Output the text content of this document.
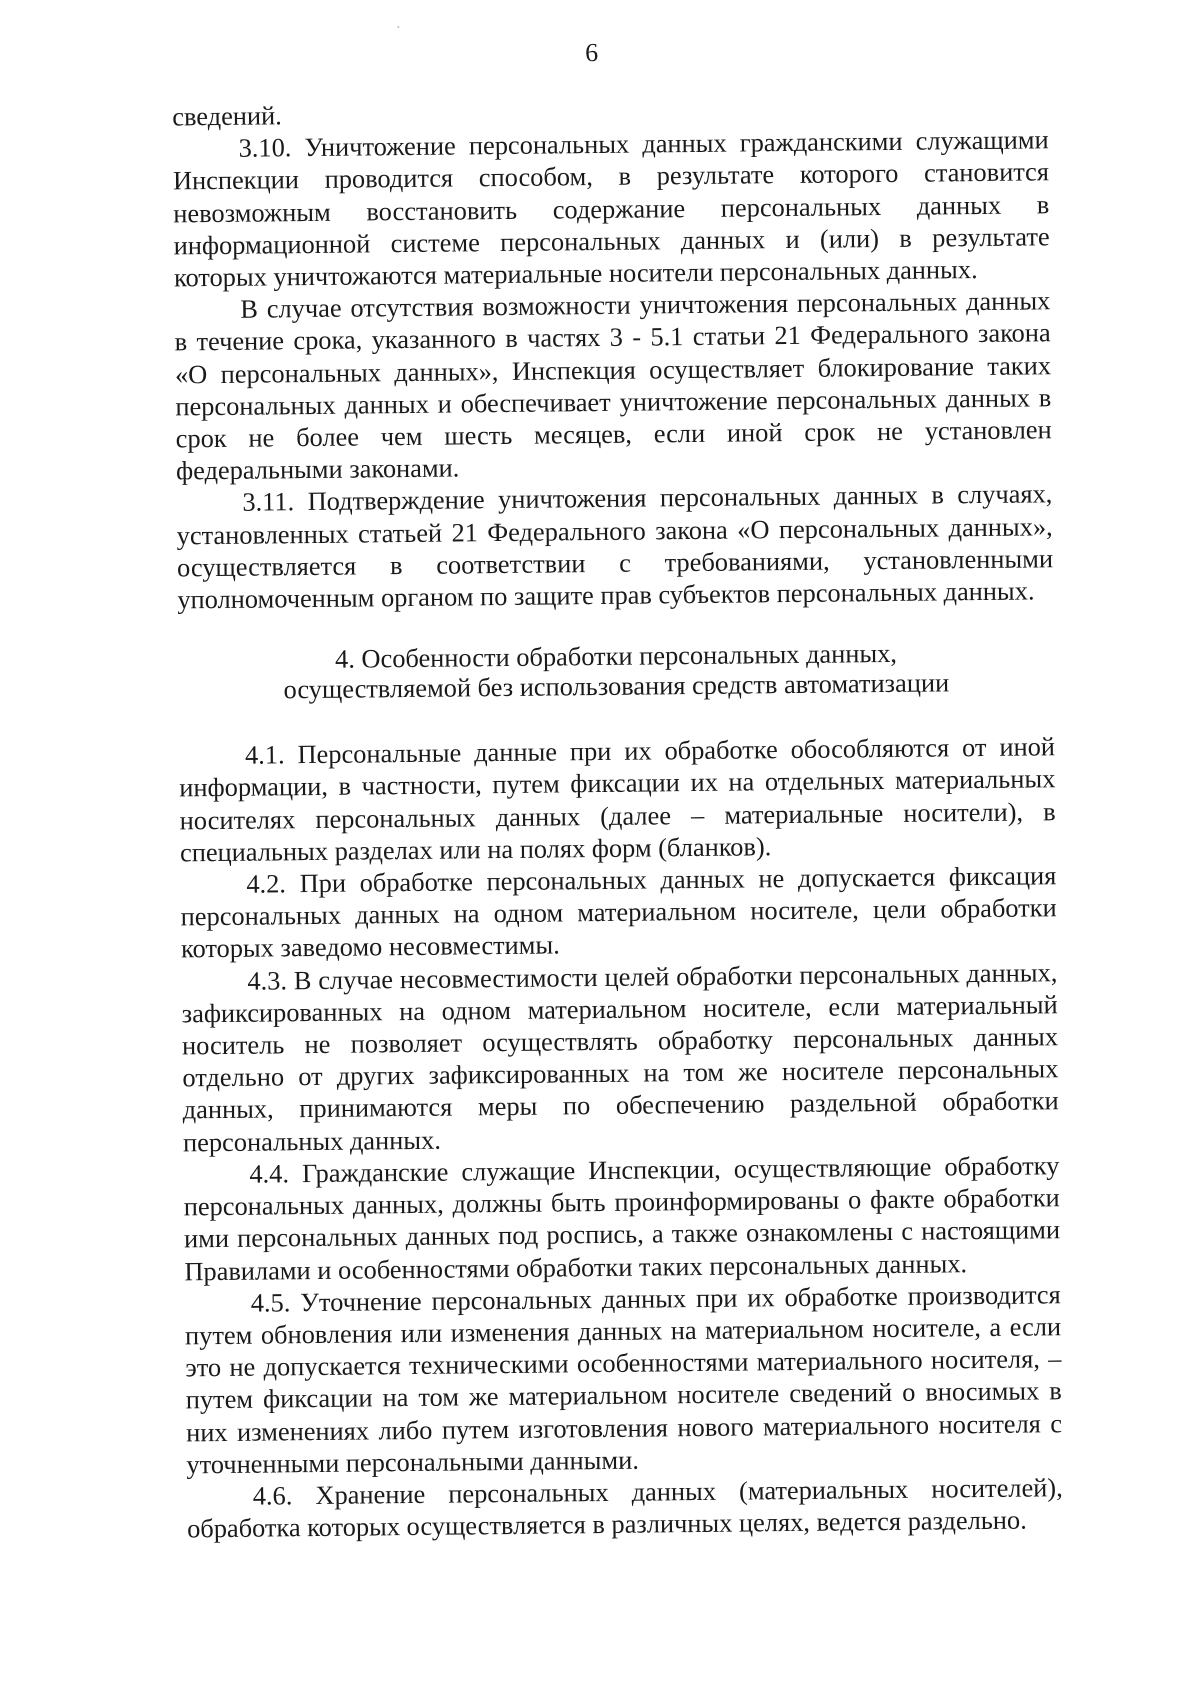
6

сведений.

3.10. Уничтожение персональных данных гражданскими служащими Инспекции проводится способом, в результате которого становится невозможным восстановить содержание персональных данных в информационной системе персональных данных и (или) в результате которых уничтожаются материальные носители персональных данных.

В случае отсутствия возможности уничтожения персональных данных в течение срока, указанного в частях 3 - 5.1 статьи 21 Федерального закона «О персональных данных», Инспекция осуществляет блокирование таких персональных данных и обеспечивает уничтожение персональных данных в срок не более чем шесть месяцев, если иной срок не установлен федеральными законами.

3.11. Подтверждение уничтожения персональных данных в случаях, установленных статьей 21 Федерального закона «О персональных данных», осуществляется в соответствии с требованиями, установленными уполномоченным органом по защите прав субъектов персональных данных.

4. Особенности обработки персональных данных,
осуществляемой без использования средств автоматизации

4.1. Персональные данные при их обработке обособляются от иной информации, в частности, путем фиксации их на отдельных материальных носителях персональных данных (далее – материальные носители), в специальных разделах или на полях форм (бланков).

4.2. При обработке персональных данных не допускается фиксация персональных данных на одном материальном носителе, цели обработки которых заведомо несовместимы.

4.3. В случае несовместимости целей обработки персональных данных, зафиксированных на одном материальном носителе, если материальный носитель не позволяет осуществлять обработку персональных данных отдельно от других зафиксированных на том же носителе персональных данных, принимаются меры по обеспечению раздельной обработки персональных данных.

4.4. Гражданские служащие Инспекции, осуществляющие обработку персональных данных, должны быть проинформированы о факте обработки ими персональных данных под роспись, а также ознакомлены с настоящими Правилами и особенностями обработки таких персональных данных.

4.5. Уточнение персональных данных при их обработке производится путем обновления или изменения данных на материальном носителе, а если это не допускается техническими особенностями материального носителя, – путем фиксации на том же материальном носителе сведений о вносимых в них изменениях либо путем изготовления нового материального носителя с уточненными персональными данными.

4.6. Хранение персональных данных (материальных носителей), обработка которых осуществляется в различных целях, ведется раздельно.
